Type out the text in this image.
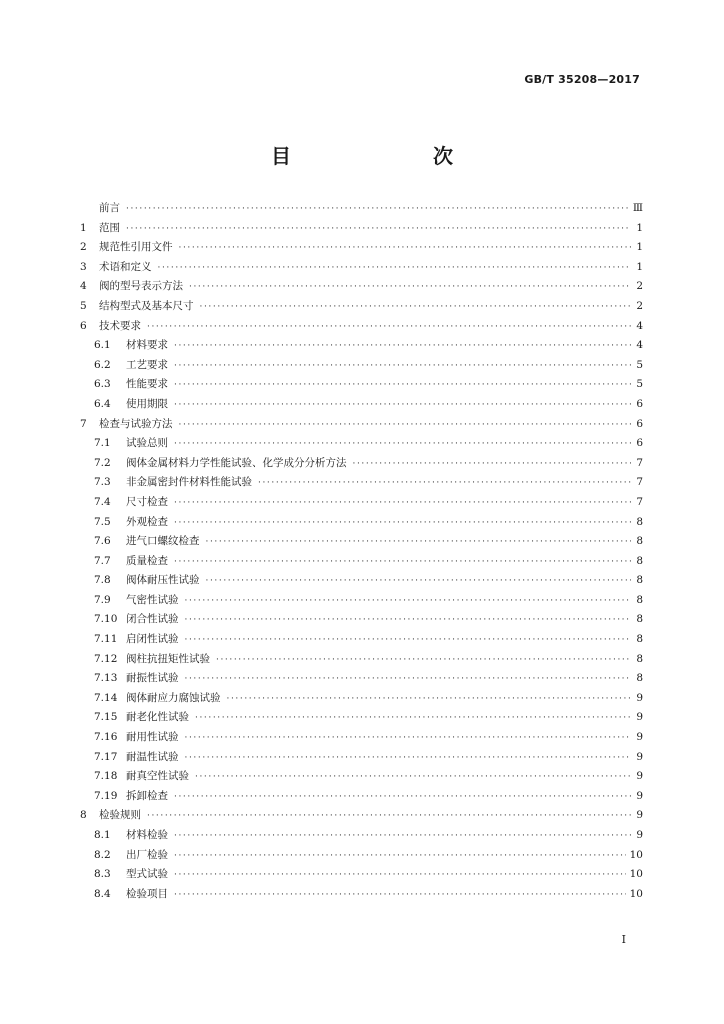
GB/T 35208—2017
目　　次
前言 ·····	Ⅲ
1	范围 ·····	1
2	规范性引用文件 ·····	1
3	术语和定义 ·····	1
4	阀的型号表示方法 ·····	2
5	结构型式及基本尺寸 ·····	2
6	技术要求 ·····	4
6.1	材料要求 ·····	4
6.2	工艺要求 ·····	5
6.3	性能要求 ·····	5
6.4	使用期限 ·····	6
7	检查与试验方法 ·····	6
7.1	试验总则 ·····	6
7.2	阀体金属材料力学性能试验、化学成分分析方法 ·····	7
7.3	非金属密封件材料性能试验 ·····	7
7.4	尺寸检查 ·····	7
7.5	外观检查 ·····	8
7.6	进气口螺纹检查 ·····	8
7.7	质量检查 ·····	8
7.8	阀体耐压性试验 ·····	8
7.9	气密性试验 ·····	8
7.10 闭合性试验 ·····	8
7.11 启闭性试验 ·····	8
7.12 阀柱抗扭矩性试验 ·····	8
7.13 耐振性试验 ·····	8
7.14 阀体耐应力腐蚀试验 ·····	9
7.15 耐老化性试验 ·····	9
7.16 耐用性试验 ·····	9
7.17 耐温性试验 ·····	9
7.18 耐真空性试验 ·····	9
7.19 拆卸检查 ·····	9
8	检验规则 ·····	9
8.1	材料检验 ·····	9
8.2	出厂检验 ·····	10
8.3	型式试验 ·····	10
8.4	检验项目 ·····	10
I
